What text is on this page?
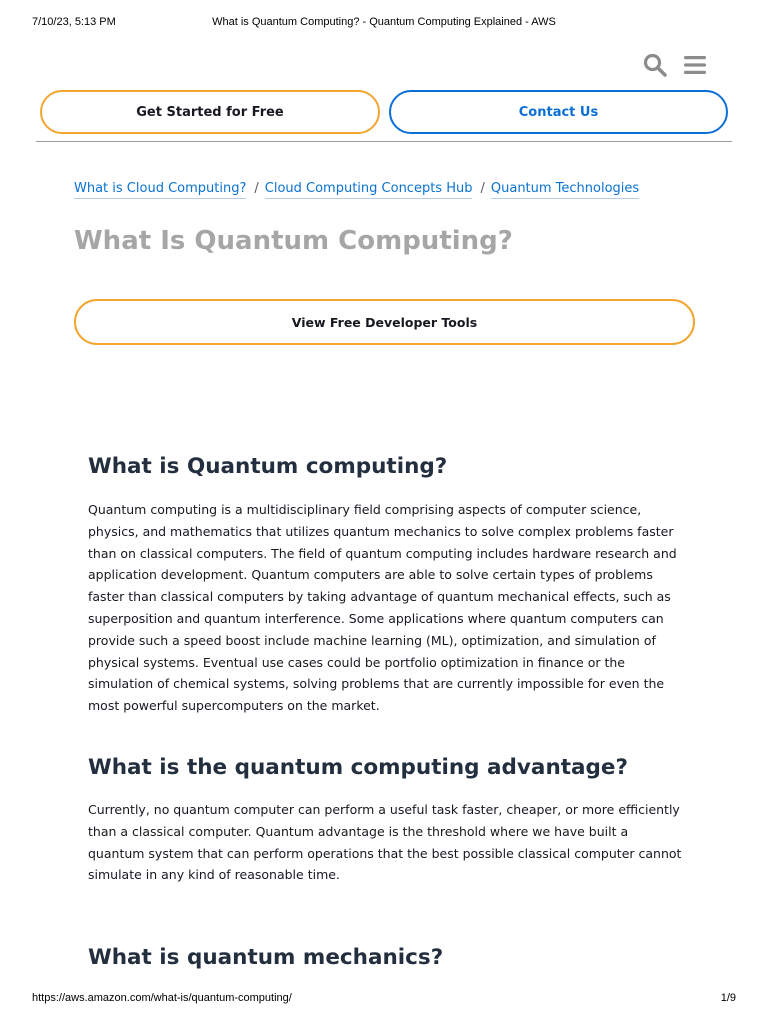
7/10/23, 5:13 PM	What is Quantum Computing? - Quantum Computing Explained - AWS
Get Started for Free	Contact Us
What is Cloud Computing? / Cloud Computing Concepts Hub / Quantum Technologies
What Is Quantum Computing?
View Free Developer Tools
What is Quantum computing?

Quantum computing is a multidisciplinary field comprising aspects of computer science, physics, and mathematics that utilizes quantum mechanics to solve complex problems faster than on classical computers. The field of quantum computing includes hardware research and application development. Quantum computers are able to solve certain types of problems faster than classical computers by taking advantage of quantum mechanical effects, such as superposition and quantum interference. Some applications where quantum computers can provide such a speed boost include machine learning (ML), optimization, and simulation of physical systems. Eventual use cases could be portfolio optimization in finance or the simulation of chemical systems, solving problems that are currently impossible for even the most powerful supercomputers on the market.

What is the quantum computing advantage?

Currently, no quantum computer can perform a useful task faster, cheaper, or more efficiently than a classical computer. Quantum advantage is the threshold where we have built a quantum system that can perform operations that the best possible classical computer cannot simulate in any kind of reasonable time.

What is quantum mechanics?
https://aws.amazon.com/what-is/quantum-computing/	1/9
